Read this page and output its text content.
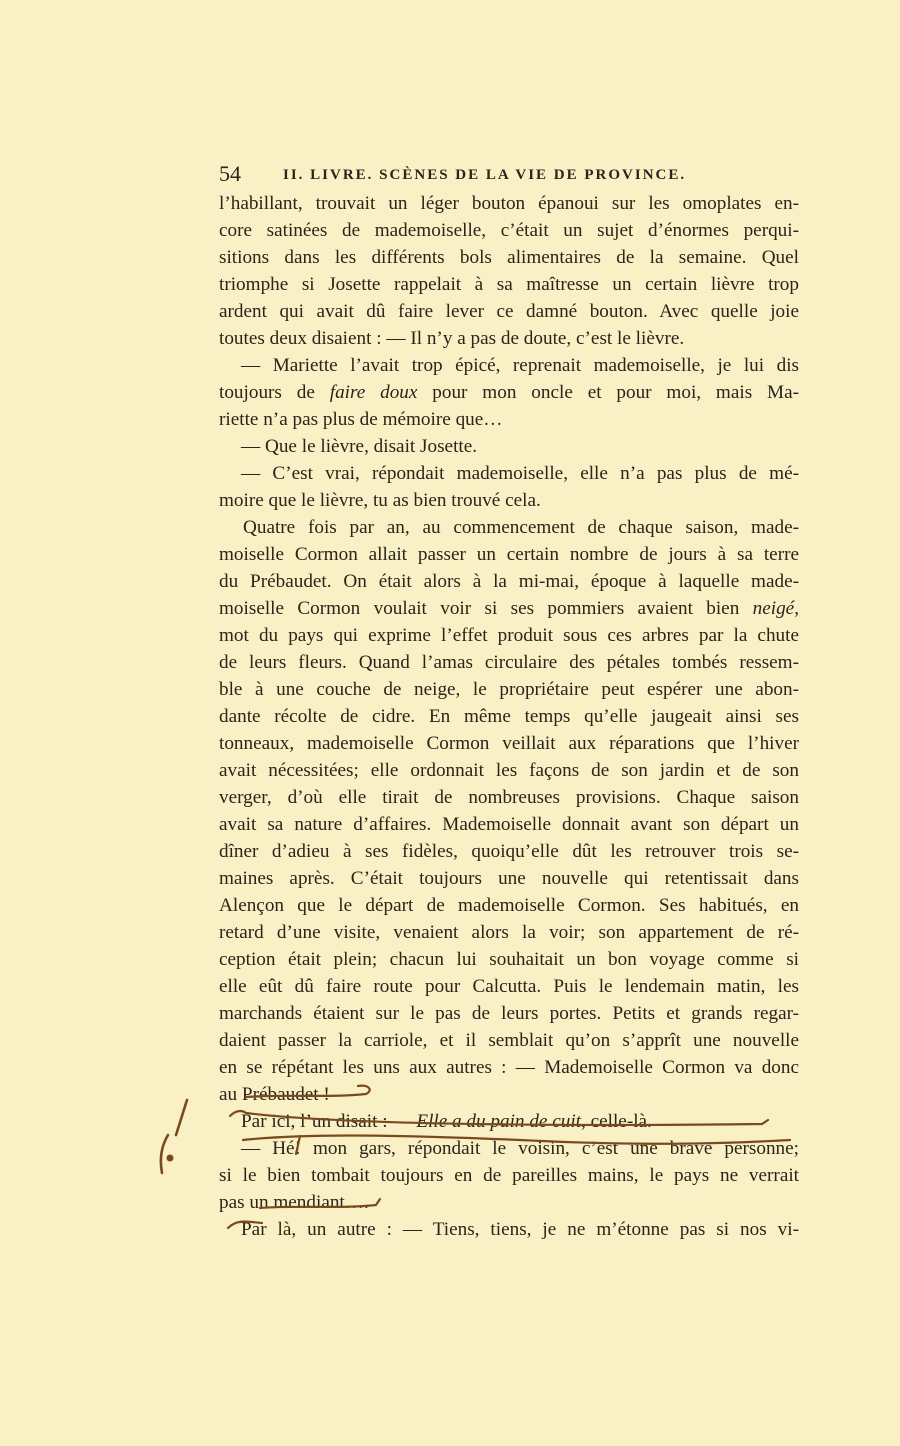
54	II. LIVRE. SCÈNES DE LA VIE DE PROVINCE.
l’habillant, trouvait un léger bouton épanoui sur les omoplates en-
core satinées de mademoiselle, c’était un sujet d’énormes perqui-
sitions dans les différents bols alimentaires de la semaine. Quel
triomphe si Josette rappelait à sa maîtresse un certain lièvre trop
ardent qui avait dû faire lever ce damné bouton. Avec quelle joie
toutes deux disaient : — Il n’y a pas de doute, c’est le lièvre.
— Mariette l’avait trop épicé, reprenait mademoiselle, je lui dis
toujours de faire doux pour mon oncle et pour moi, mais Ma-
riette n’a pas plus de mémoire que…
— Que le lièvre, disait Josette.
— C’est vrai, répondait mademoiselle, elle n’a pas plus de mé-
moire que le lièvre, tu as bien trouvé cela.
Quatre fois par an, au commencement de chaque saison, made-
moiselle Cormon allait passer un certain nombre de jours à sa terre
du Prébaudet. On était alors à la mi-mai, époque à laquelle made-
moiselle Cormon voulait voir si ses pommiers avaient bien neigé,
mot du pays qui exprime l’effet produit sous ces arbres par la chute
de leurs fleurs. Quand l’amas circulaire des pétales tombés ressem-
ble à une couche de neige, le propriétaire peut espérer une abon-
dante récolte de cidre. En même temps qu’elle jaugeait ainsi ses
tonneaux, mademoiselle Cormon veillait aux réparations que l’hiver
avait nécessitées; elle ordonnait les façons de son jardin et de son
verger, d’où elle tirait de nombreuses provisions. Chaque saison
avait sa nature d’affaires. Mademoiselle donnait avant son départ un
dîner d’adieu à ses fidèles, quoiqu’elle dût les retrouver trois se-
maines après. C’était toujours une nouvelle qui retentissait dans
Alençon que le départ de mademoiselle Cormon. Ses habitués, en
retard d’une visite, venaient alors la voir; son appartement de ré-
ception était plein; chacun lui souhaitait un bon voyage comme si
elle eût dû faire route pour Calcutta. Puis le lendemain matin, les
marchands étaient sur le pas de leurs portes. Petits et grands regar-
daient passer la carriole, et il semblait qu’on s’apprît une nouvelle
en se répétant les uns aux autres : — Mademoiselle Cormon va donc
au Prébaudet !
Par ici, l’un disait : — Elle a du pain de cuit, celle-là.
— Hé! mon gars, répondait le voisin, c’est une brave personne;
si le bien tombait toujours en de pareilles mains, le pays ne verrait
pas un mendiant….
Par là, un autre : — Tiens, tiens, je ne m’étonne pas si nos vi-
